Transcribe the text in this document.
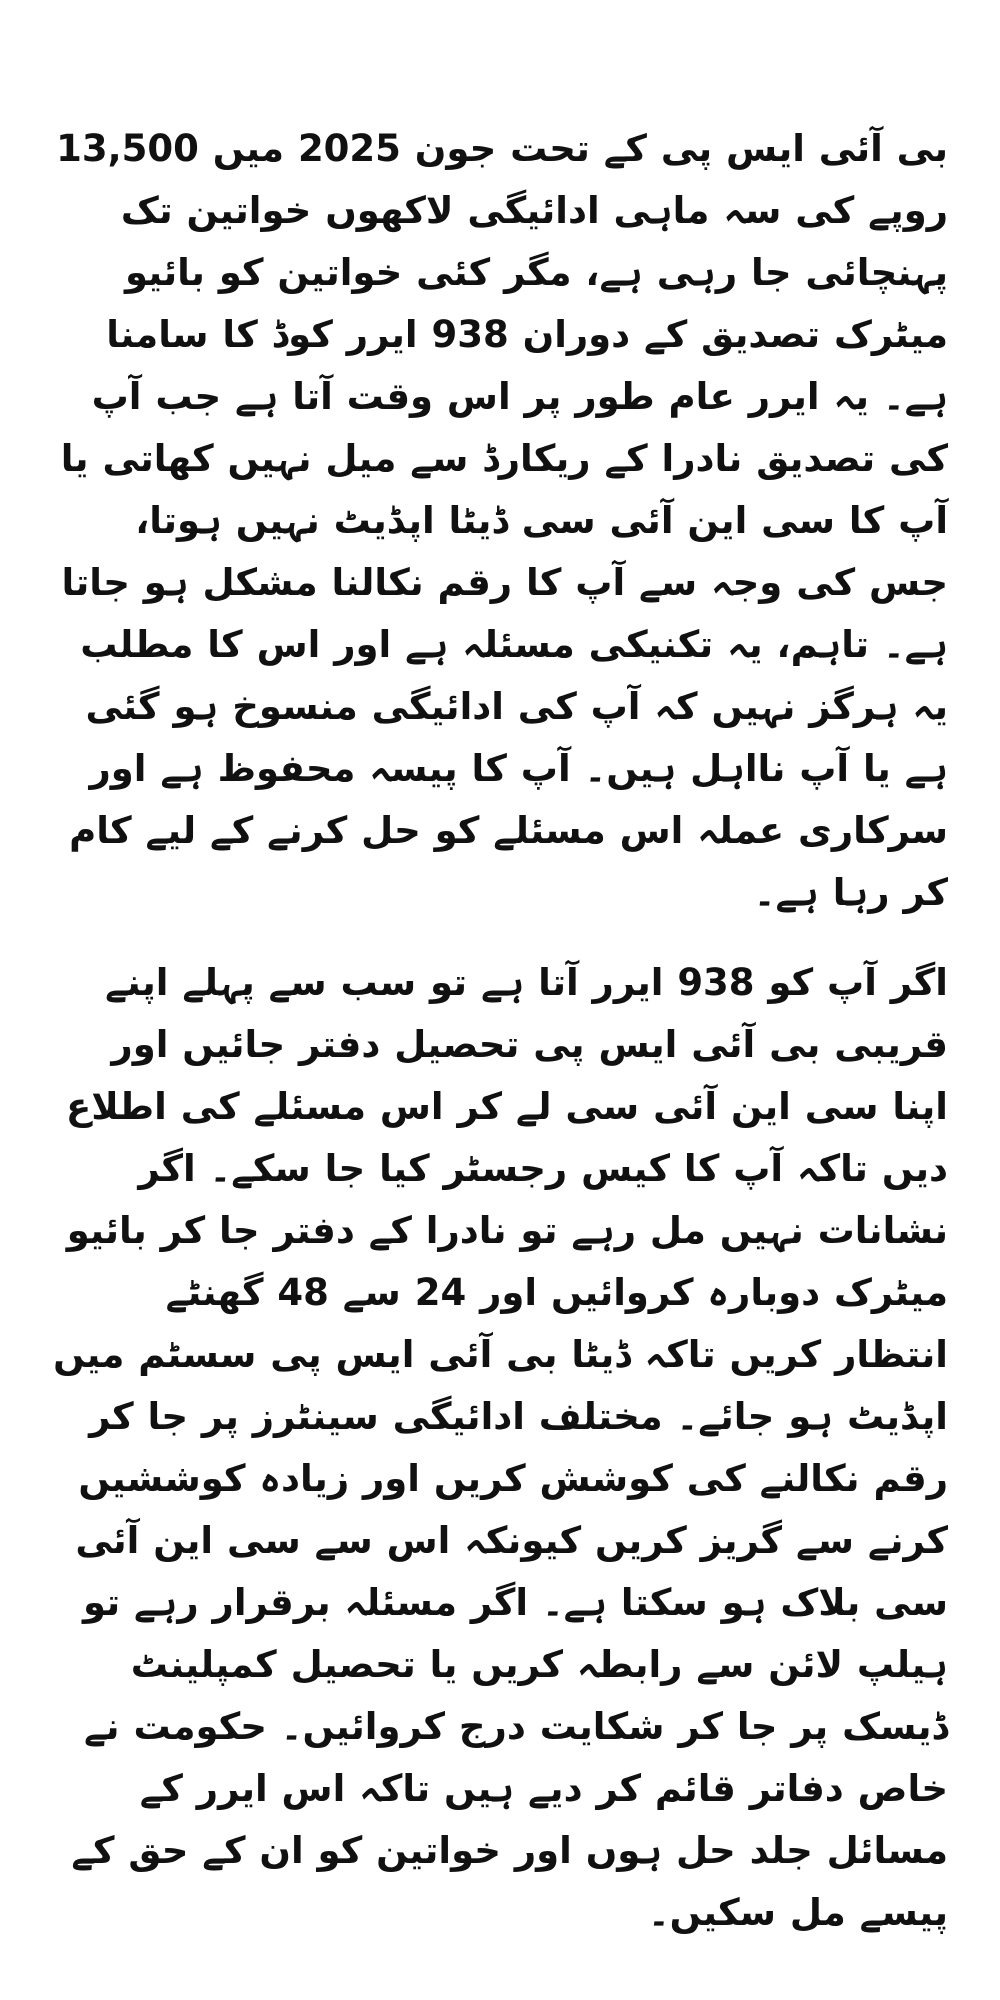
بی آئی ایس پی کے تحت جون 2025 میں 13,500 روپے کی سہ ماہی ادائیگی لاکھوں خواتین تک پہنچائی جا رہی ہے، مگر کئی خواتین کو بائیو میٹرک تصدیق کے دوران 938 ایرر کوڈ کا سامنا ہے۔ یہ ایرر عام طور پر اس وقت آتا ہے جب آپ کی تصدیق نادرا کے ریکارڈ سے میل نہیں کھاتی یا آپ کا سی این آئی سی ڈیٹا اپڈیٹ نہیں ہوتا، جس کی وجہ سے آپ کا رقم نکالنا مشکل ہو جاتا ہے۔ تاہم، یہ تکنیکی مسئلہ ہے اور اس کا مطلب یہ ہرگز نہیں کہ آپ کی ادائیگی منسوخ ہو گئی ہے یا آپ نااہل ہیں۔ آپ کا پیسہ محفوظ ہے اور سرکاری عملہ اس مسئلے کو حل کرنے کے لیے کام کر رہا ہے۔

اگر آپ کو 938 ایرر آتا ہے تو سب سے پہلے اپنے قریبی بی آئی ایس پی تحصیل دفتر جائیں اور اپنا سی این آئی سی لے کر اس مسئلے کی اطلاع دیں تاکہ آپ کا کیس رجسٹر کیا جا سکے۔ اگر نشانات نہیں مل رہے تو نادرا کے دفتر جا کر بائیو میٹرک دوبارہ کروائیں اور 24 سے 48 گھنٹے انتظار کریں تاکہ ڈیٹا بی آئی ایس پی سسٹم میں اپڈیٹ ہو جائے۔ مختلف ادائیگی سینٹرز پر جا کر رقم نکالنے کی کوشش کریں اور زیادہ کوششیں کرنے سے گریز کریں کیونکہ اس سے سی این آئی سی بلاک ہو سکتا ہے۔ اگر مسئلہ برقرار رہے تو ہیلپ لائن سے رابطہ کریں یا تحصیل کمپلینٹ ڈیسک پر جا کر شکایت درج کروائیں۔ حکومت نے خاص دفاتر قائم کر دیے ہیں تاکہ اس ایرر کے مسائل جلد حل ہوں اور خواتین کو ان کے حق کے پیسے مل سکیں۔
